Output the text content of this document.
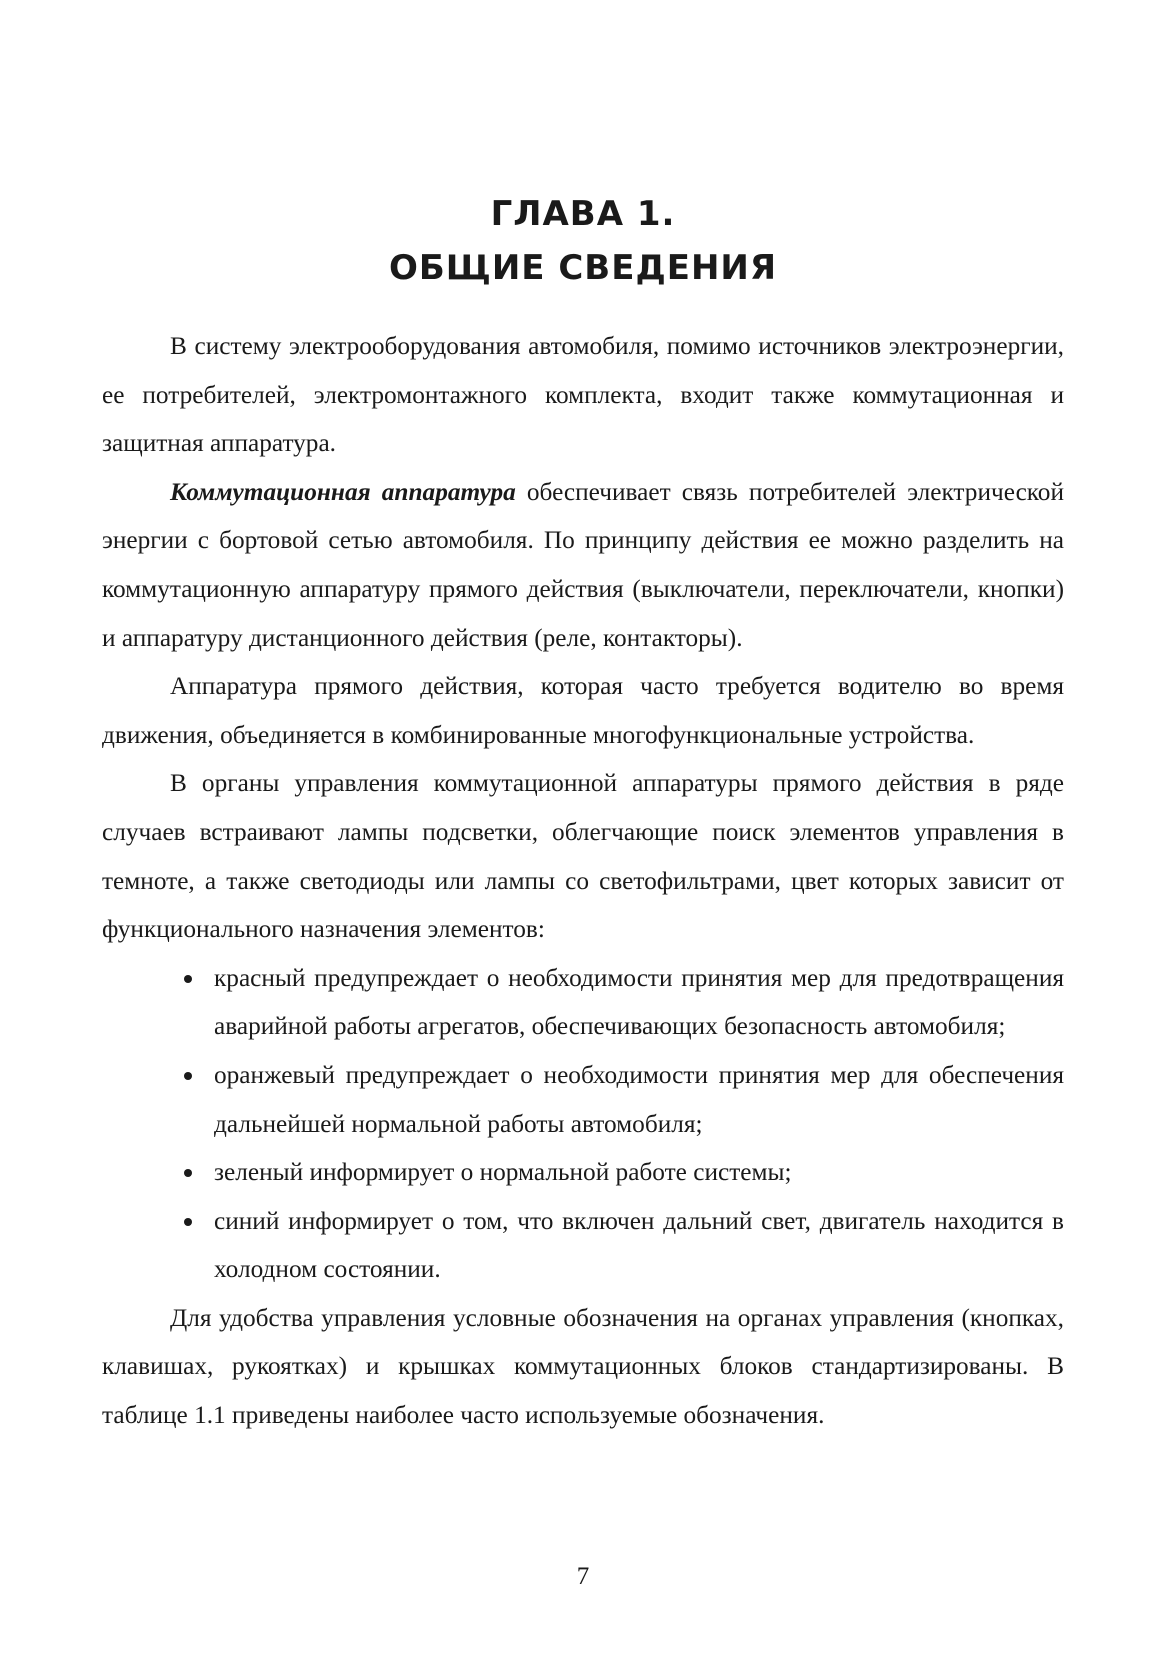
ГЛАВА 1.
ОБЩИЕ СВЕДЕНИЯ

В систему электрооборудования автомобиля, помимо источников электроэнергии, ее потребителей, электромонтажного комплекта, входит также коммутационная и защитная аппаратура.

Коммутационная аппаратура обеспечивает связь потребителей электрической энергии с бортовой сетью автомобиля. По принципу действия ее можно разделить на коммутационную аппаратуру прямого действия (выключатели, переключатели, кнопки) и аппаратуру дистанционного действия (реле, контакторы).

Аппаратура прямого действия, которая часто требуется водителю во время движения, объединяется в комбинированные многофункциональные устройства.

В органы управления коммутационной аппаратуры прямого действия в ряде случаев встраивают лампы подсветки, облегчающие поиск элементов управления в темноте, а также светодиоды или лампы со светофильтрами, цвет которых зависит от функционального назначения элементов:

красный предупреждает о необходимости принятия мер для предотвращения аварийной работы агрегатов, обеспечивающих безопасность автомобиля;
оранжевый предупреждает о необходимости принятия мер для обеспечения дальнейшей нормальной работы автомобиля;
зеленый информирует о нормальной работе системы;
синий информирует о том, что включен дальний свет, двигатель находится в холодном состоянии.

Для удобства управления условные обозначения на органах управления (кнопках, клавишах, рукоятках) и крышках коммутационных блоков стандартизированы. В таблице 1.1 приведены наиболее часто используемые обозначения.

7
